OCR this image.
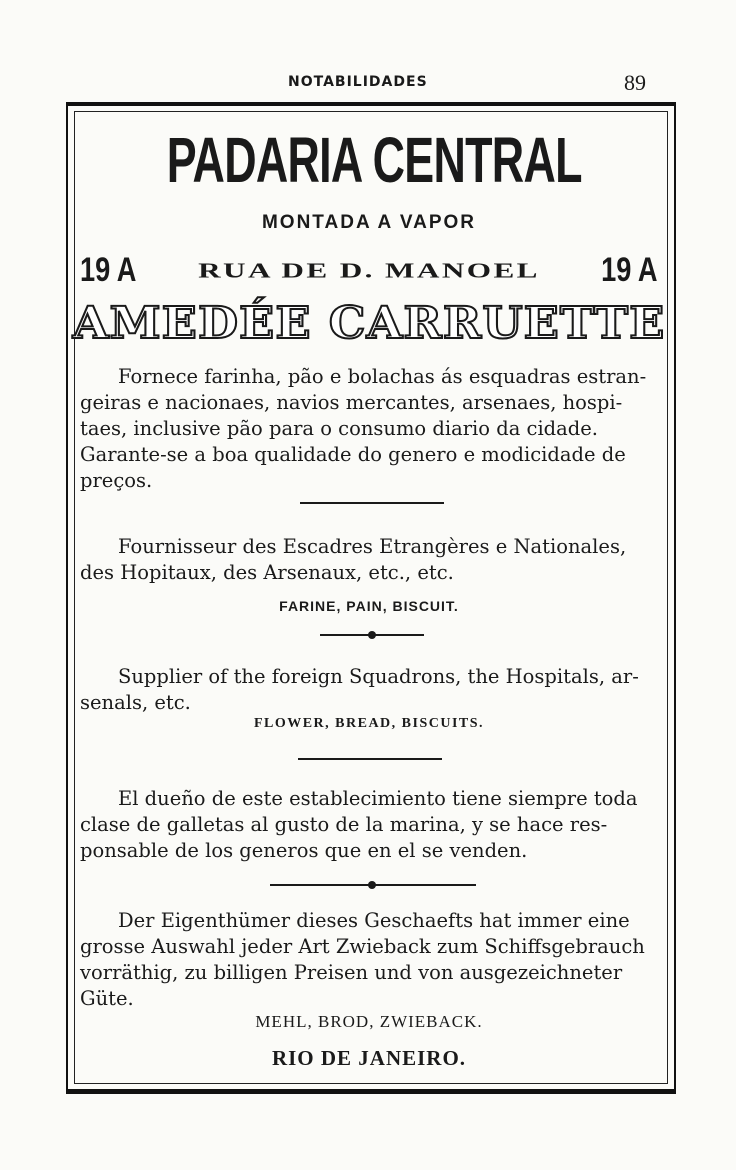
NOTABILIDADES	89
PADARIA CENTRAL
MONTADA A VAPOR
19 A	RUA DE D. MANOEL	19 A
AMEDÉE CARRUETTE
Fornece farinha, pão e bolachas ás esquadras estran-
geiras e nacionaes, navios mercantes, arsenaes, hospi-
taes, inclusive pão para o consumo diario da cidade.
Garante-se a boa qualidade do genero e modicidade de
preços.
Fournisseur des Escadres Etrangères e Nationales,
des Hopitaux, des Arsenaux, etc., etc.
FARINE, PAIN, BISCUIT.
Supplier of the foreign Squadrons, the Hospitals, ar-
senals, etc.
FLOWER, BREAD, BISCUITS.
El dueño de este establecimiento tiene siempre toda
clase de galletas al gusto de la marina, y se hace res-
ponsable de los generos que en el se venden.
Der Eigenthümer dieses Geschaefts hat immer eine
grosse Auswahl jeder Art Zwieback zum Schiffsgebrauch
vorräthig, zu billigen Preisen und von ausgezeichneter
Güte.
MEHL, BROD, ZWIEBACK.
RIO DE JANEIRO.
